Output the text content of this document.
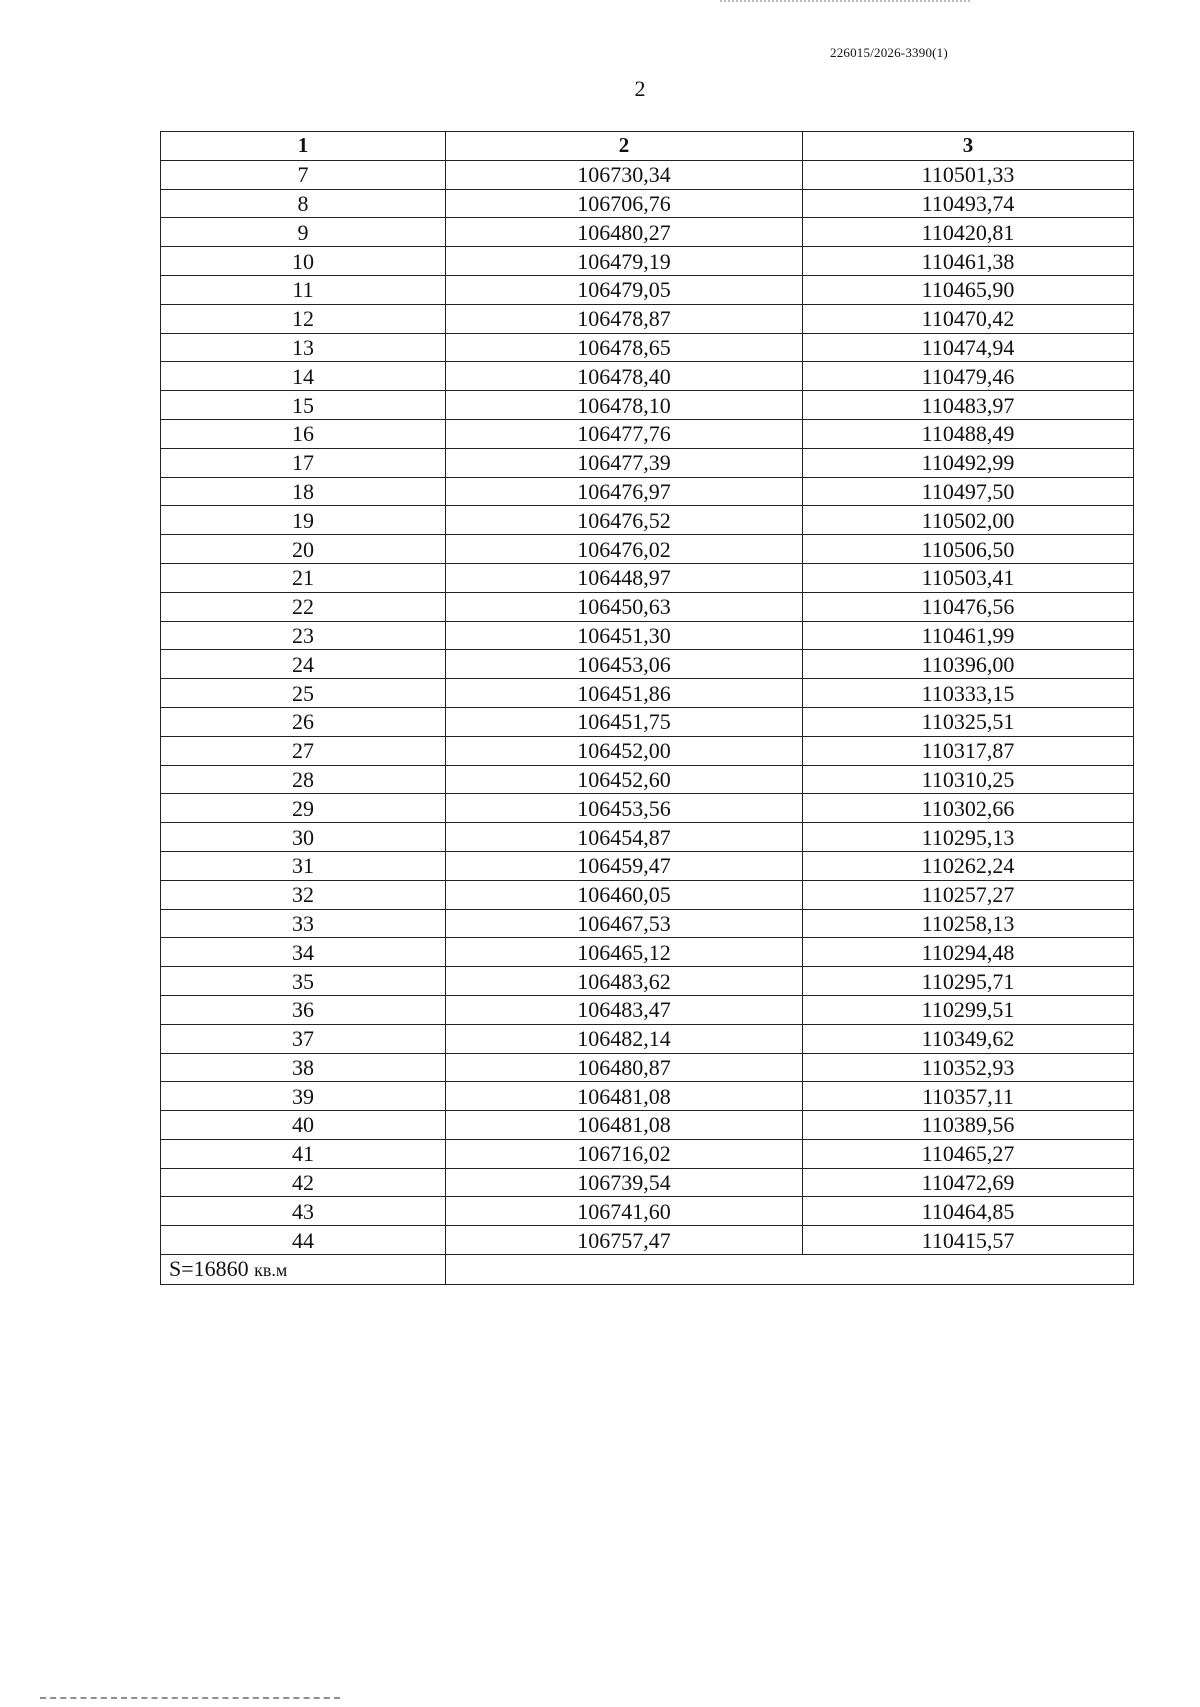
226015/2026-3390(1)
2
1	2	3
7	106730,34	110501,33
8	106706,76	110493,74
9	106480,27	110420,81
10	106479,19	110461,38
11	106479,05	110465,90
12	106478,87	110470,42
13	106478,65	110474,94
14	106478,40	110479,46
15	106478,10	110483,97
16	106477,76	110488,49
17	106477,39	110492,99
18	106476,97	110497,50
19	106476,52	110502,00
20	106476,02	110506,50
21	106448,97	110503,41
22	106450,63	110476,56
23	106451,30	110461,99
24	106453,06	110396,00
25	106451,86	110333,15
26	106451,75	110325,51
27	106452,00	110317,87
28	106452,60	110310,25
29	106453,56	110302,66
30	106454,87	110295,13
31	106459,47	110262,24
32	106460,05	110257,27
33	106467,53	110258,13
34	106465,12	110294,48
35	106483,62	110295,71
36	106483,47	110299,51
37	106482,14	110349,62
38	106480,87	110352,93
39	106481,08	110357,11
40	106481,08	110389,56
41	106716,02	110465,27
42	106739,54	110472,69
43	106741,60	110464,85
44	106757,47	110415,57
S=16860 кв.м		
